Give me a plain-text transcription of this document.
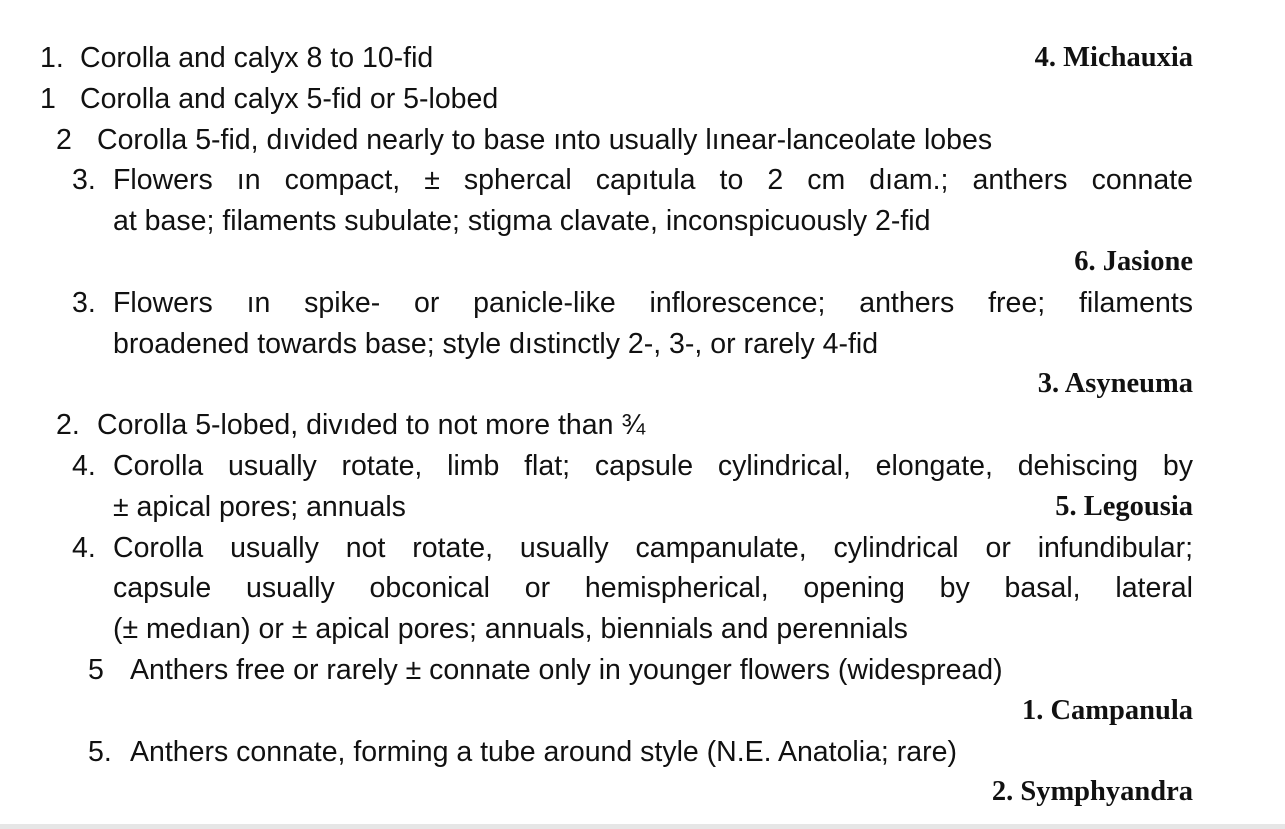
1. Corolla and calyx 8 to 10-fid	4. Michauxia
1 Corolla and calyx 5-fid or 5-lobed
2 Corolla 5-fid, dıvided nearly to base ınto usually lınear-lanceolate lobes
3. Flowers ın compact, ± sphercal capıtula to 2 cm dıam.; anthers connate
at base; filaments subulate; stigma clavate, inconspicuously 2-fid
6. Jasione
3. Flowers ın spike- or panicle-like inflorescence; anthers free; filaments
broadened towards base; style dıstinctly 2-, 3-, or rarely 4-fid
3. Asyneuma
2. Corolla 5-lobed, divıded to not more than ¾
4. Corolla usually rotate, limb flat; capsule cylindrical, elongate, dehiscing by
± apical pores; annuals	5. Legousia
4. Corolla usually not rotate, usually campanulate, cylindrical or infundibular;
capsule usually obconical or hemispherical, opening by basal, lateral
(± medıan) or ± apical pores; annuals, biennials and perennials
5 Anthers free or rarely ± connate only in younger flowers (widespread)
1. Campanula
5. Anthers connate, forming a tube around style (N.E. Anatolia; rare)
2. Symphyandra
